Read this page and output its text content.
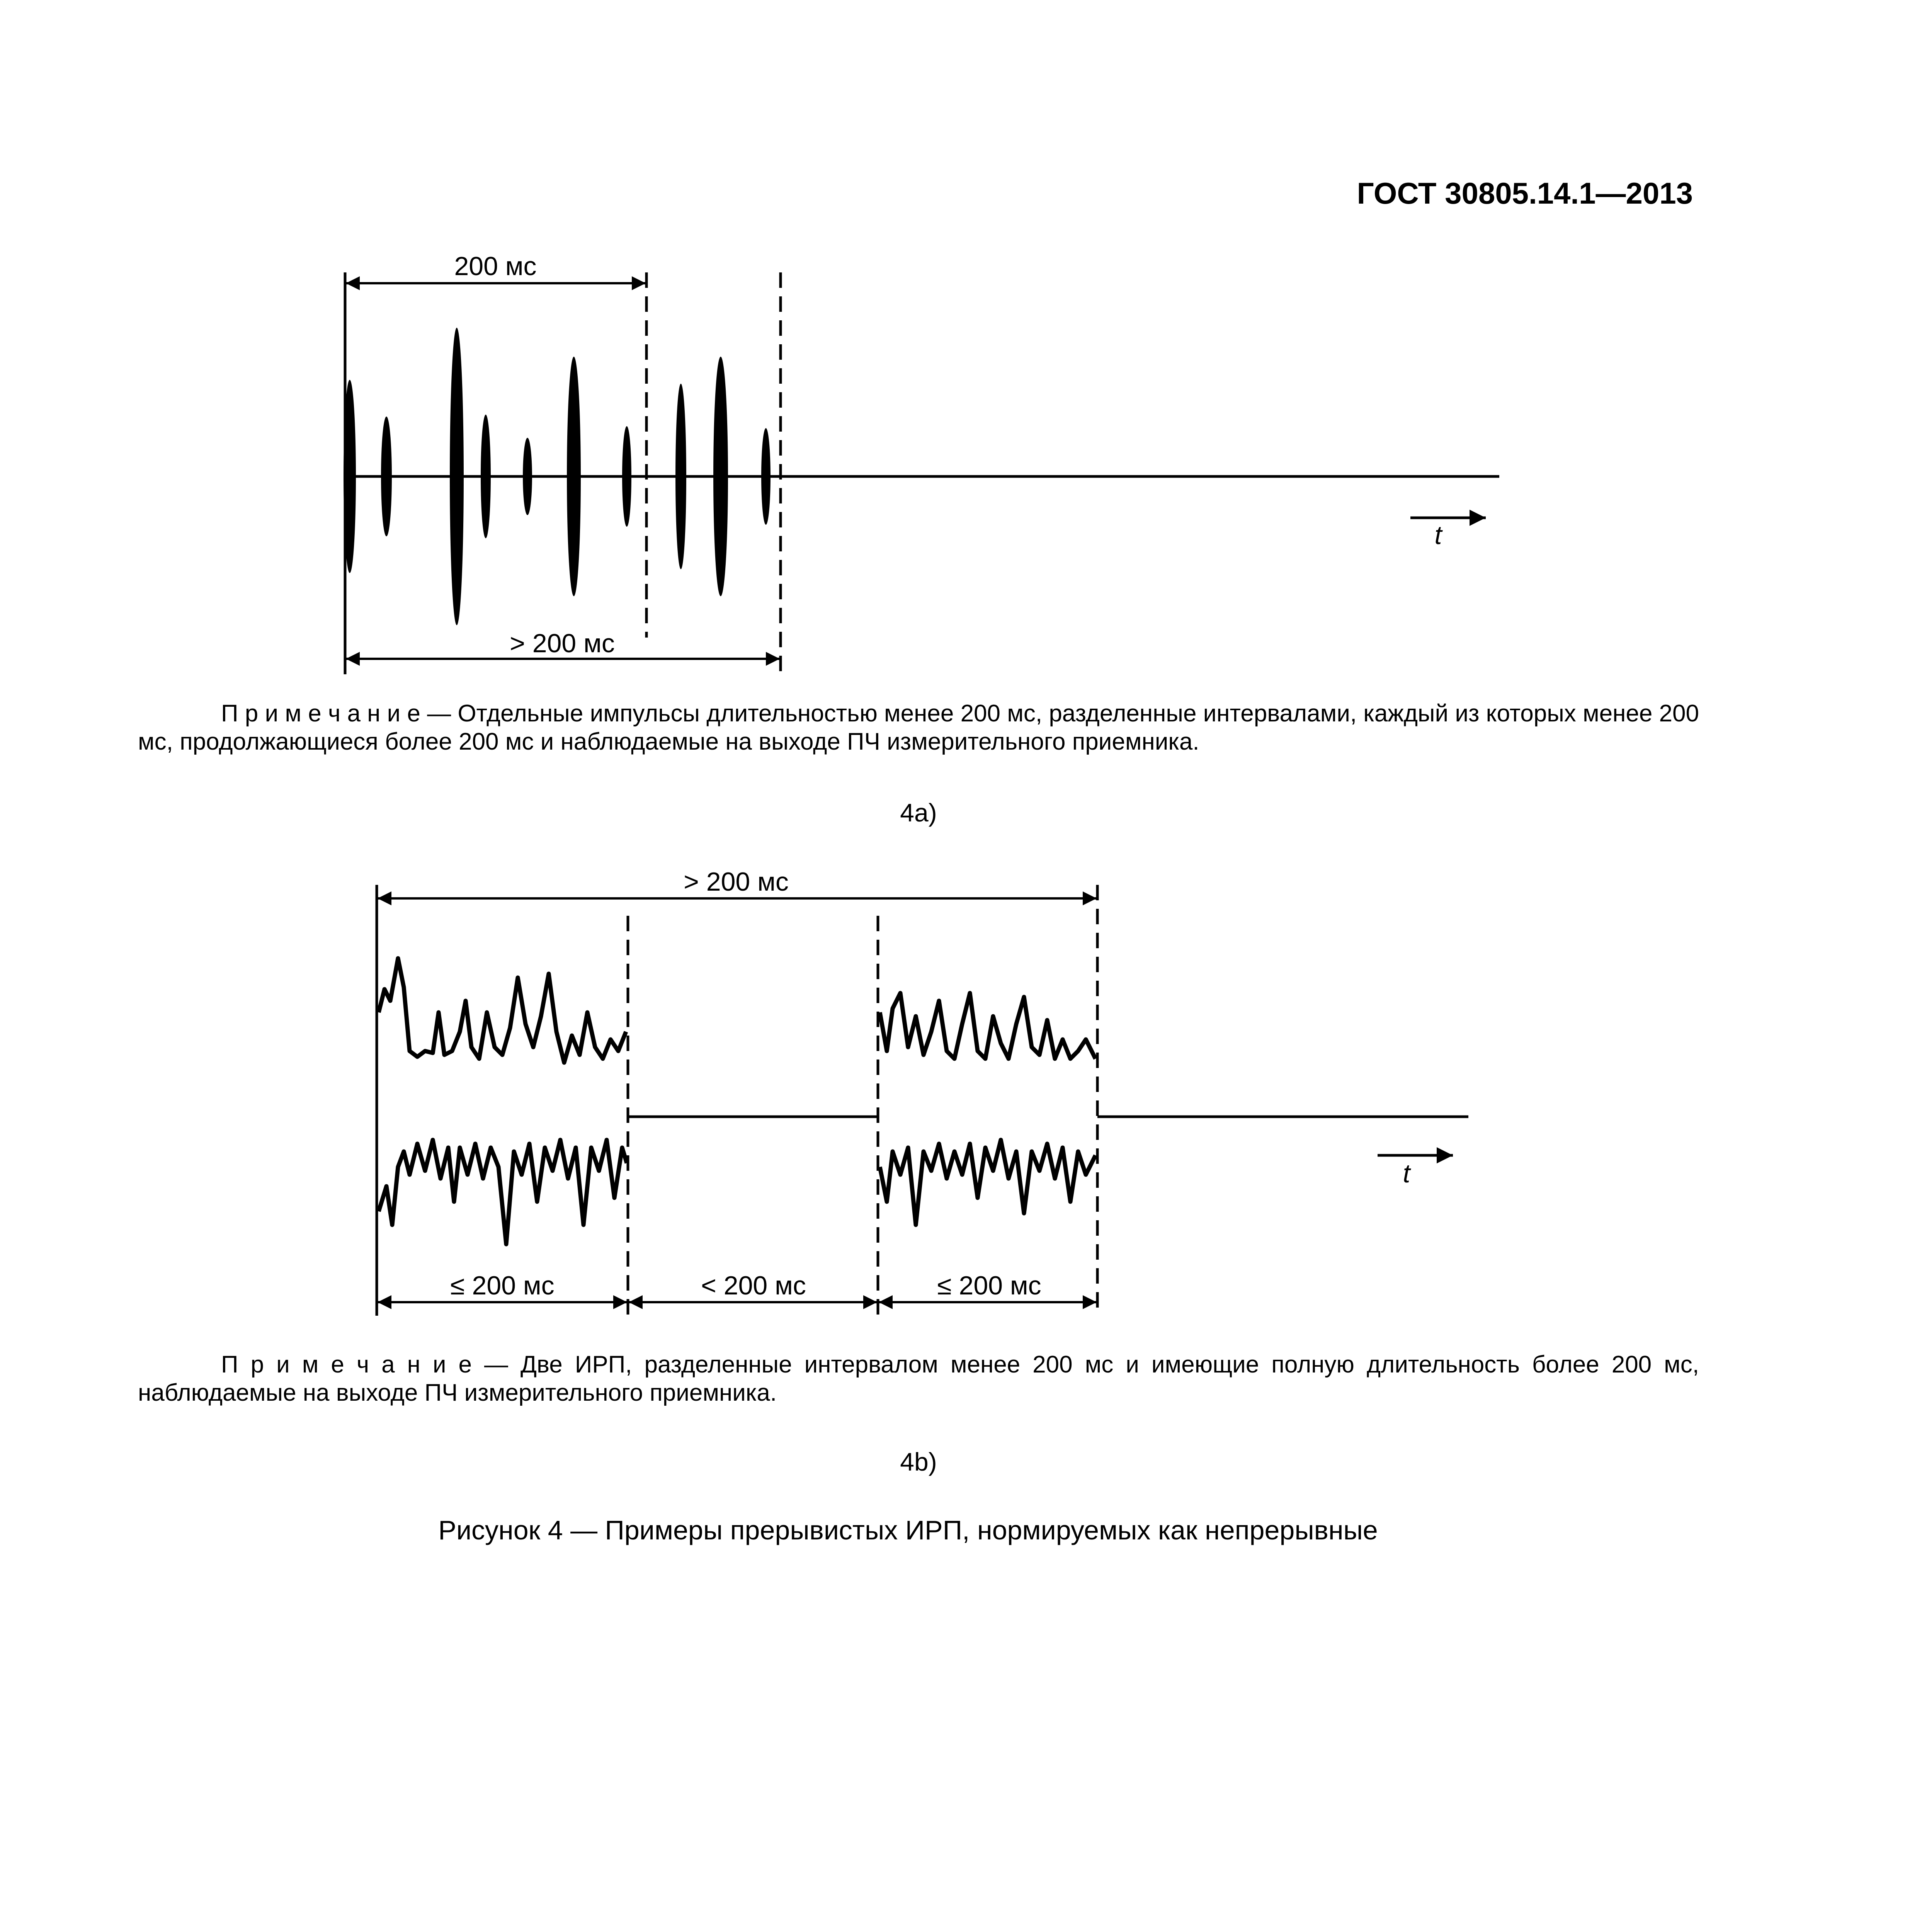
ГОСТ 30805.14.1—2013
200 мс
> 200 мс
t
П р и м е ч а н и е — Отдельные импульсы длительностью менее 200 мс, разделенные интервалами, каждый из которых менее 200 мс, продолжающиеся более 200 мс и наблюдаемые на выходе ПЧ измерительного приемника.
4a)
> 200 мс
≤ 200 мс	< 200 мс	≤ 200 мс
t
П р и м е ч а н и е — Две ИРП, разделенные интервалом менее 200 мс и имеющие полную длительность более 200 мс, наблюдаемые на выходе ПЧ измерительного приемника.
4b)
Рисунок 4 — Примеры прерывистых ИРП, нормируемых как непрерывные
